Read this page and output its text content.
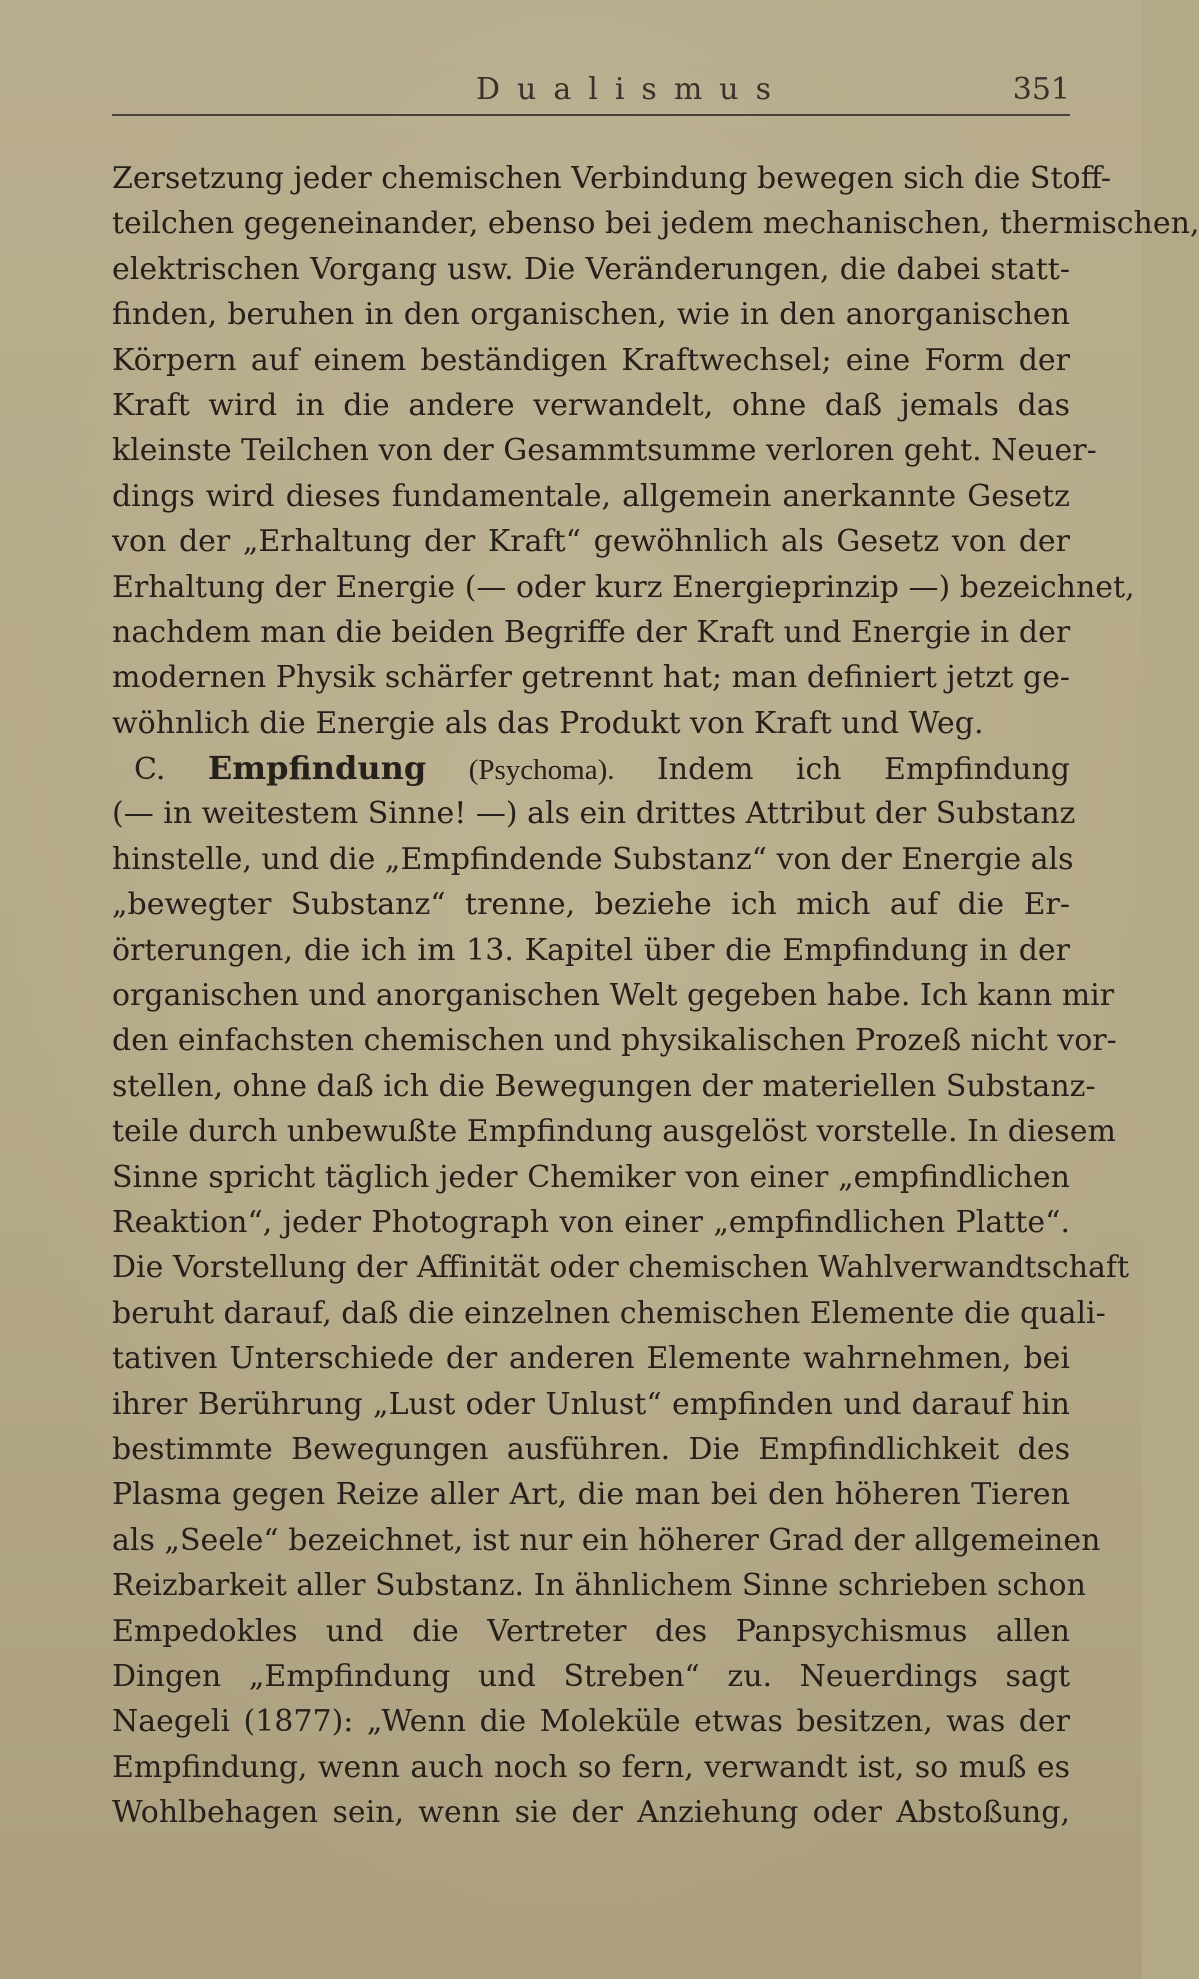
Dualismus	351
Zersetzung jeder chemischen Verbindung bewegen sich die Stoff-
teilchen gegeneinander, ebenso bei jedem mechanischen, thermischen,
elektrischen Vorgang usw. Die Veränderungen, die dabei statt-
finden, beruhen in den organischen, wie in den anorganischen
Körpern auf einem beständigen Kraftwechsel; eine Form der
Kraft wird in die andere verwandelt, ohne daß jemals das
kleinste Teilchen von der Gesammtsumme verloren geht. Neuer-
dings wird dieses fundamentale, allgemein anerkannte Gesetz
von der „Erhaltung der Kraft“ gewöhnlich als Gesetz von der
Erhaltung der Energie (— oder kurz Energieprinzip —) bezeichnet,
nachdem man die beiden Begriffe der Kraft und Energie in der
modernen Physik schärfer getrennt hat; man definiert jetzt ge-
wöhnlich die Energie als das Produkt von Kraft und Weg.
C. Empfindung (Psychoma). Indem ich Empfindung
(— in weitestem Sinne! —) als ein drittes Attribut der Substanz
hinstelle, und die „Empfindende Substanz“ von der Energie als
„bewegter Substanz“ trenne, beziehe ich mich auf die Er-
örterungen, die ich im 13. Kapitel über die Empfindung in der
organischen und anorganischen Welt gegeben habe. Ich kann mir
den einfachsten chemischen und physikalischen Prozeß nicht vor-
stellen, ohne daß ich die Bewegungen der materiellen Substanz-
teile durch unbewußte Empfindung ausgelöst vorstelle. In diesem
Sinne spricht täglich jeder Chemiker von einer „empfindlichen
Reaktion“, jeder Photograph von einer „empfindlichen Platte“.
Die Vorstellung der Affinität oder chemischen Wahlverwandtschaft
beruht darauf, daß die einzelnen chemischen Elemente die quali-
tativen Unterschiede der anderen Elemente wahrnehmen, bei
ihrer Berührung „Lust oder Unlust“ empfinden und darauf hin
bestimmte Bewegungen ausführen. Die Empfindlichkeit des
Plasma gegen Reize aller Art, die man bei den höheren Tieren
als „Seele“ bezeichnet, ist nur ein höherer Grad der allgemeinen
Reizbarkeit aller Substanz. In ähnlichem Sinne schrieben schon
Empedokles und die Vertreter des Panpsychismus allen
Dingen „Empfindung und Streben“ zu. Neuerdings sagt
Naegeli (1877): „Wenn die Moleküle etwas besitzen, was der
Empfindung, wenn auch noch so fern, verwandt ist, so muß es
Wohlbehagen sein, wenn sie der Anziehung oder Abstoßung,
